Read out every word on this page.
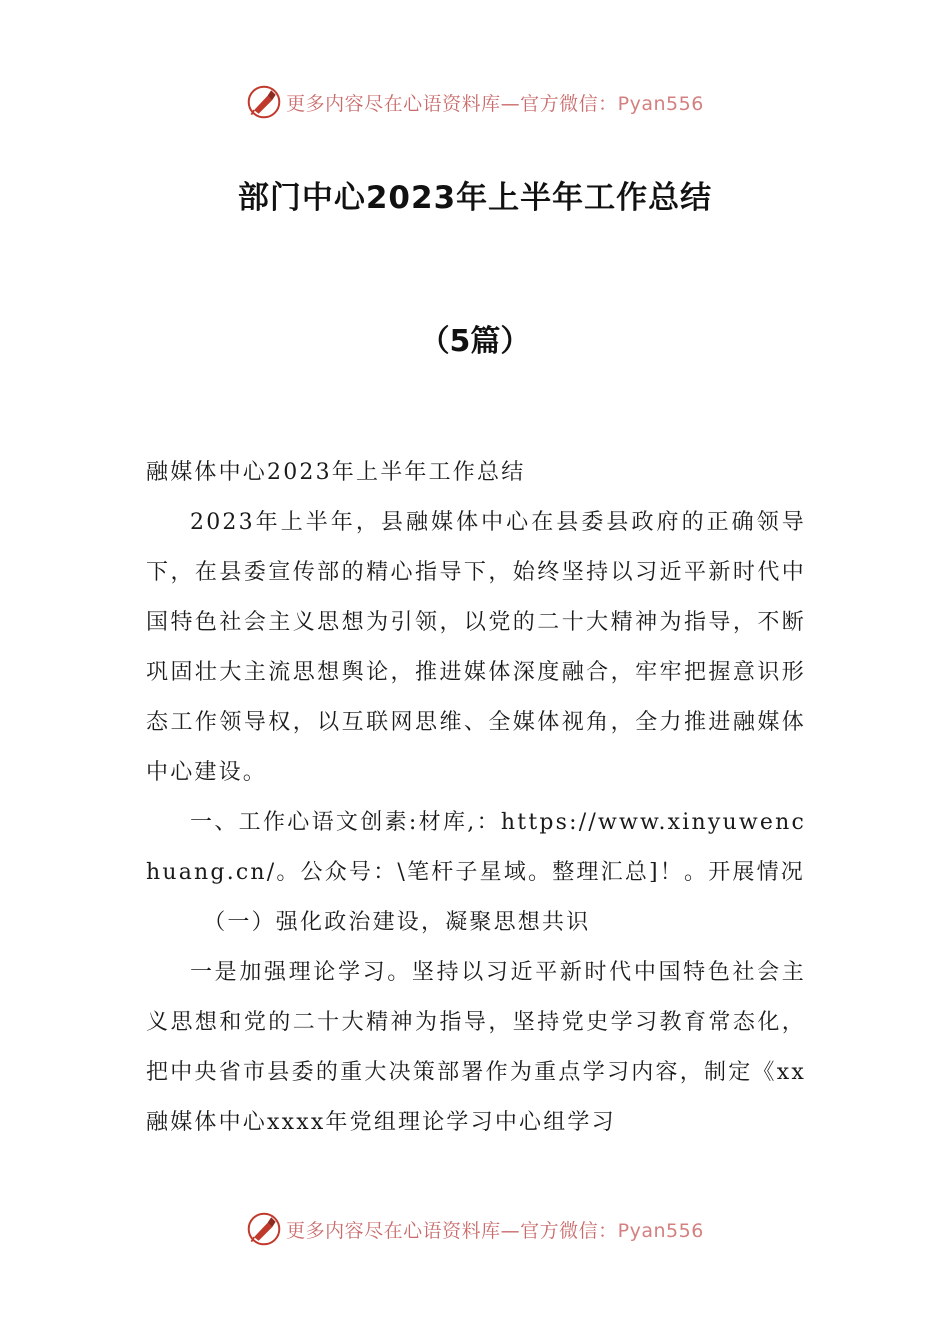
更多内容尽在心语资料库—官方微信：Pyan556
部门中心2023年上半年工作总结
（5篇）

融媒体中心2023年上半年工作总结

2023年上半年，县融媒体中心在县委县政府的正确领导下，在县委宣传部的精心指导下，始终坚持以习近平新时代中国特色社会主义思想为引领，以党的二十大精神为指导，不断巩固壮大主流思想舆论，推进媒体深度融合，牢牢把握意识形态工作领导权，以互联网思维、全媒体视角，全力推进融媒体中心建设。

一、工作心语文创素:材库,：https://www.xinyuwenchuang.cn/。公众号：\笔杆子星域。整理汇总]！。开展情况

（一）强化政治建设，凝聚思想共识

一是加强理论学习。坚持以习近平新时代中国特色社会主义思想和党的二十大精神为指导，坚持党史学习教育常态化，把中央省市县委的重大决策部署作为重点学习内容，制定《xx融媒体中心xxxx年党组理论学习中心组学习

更多内容尽在心语资料库—官方微信：Pyan556
